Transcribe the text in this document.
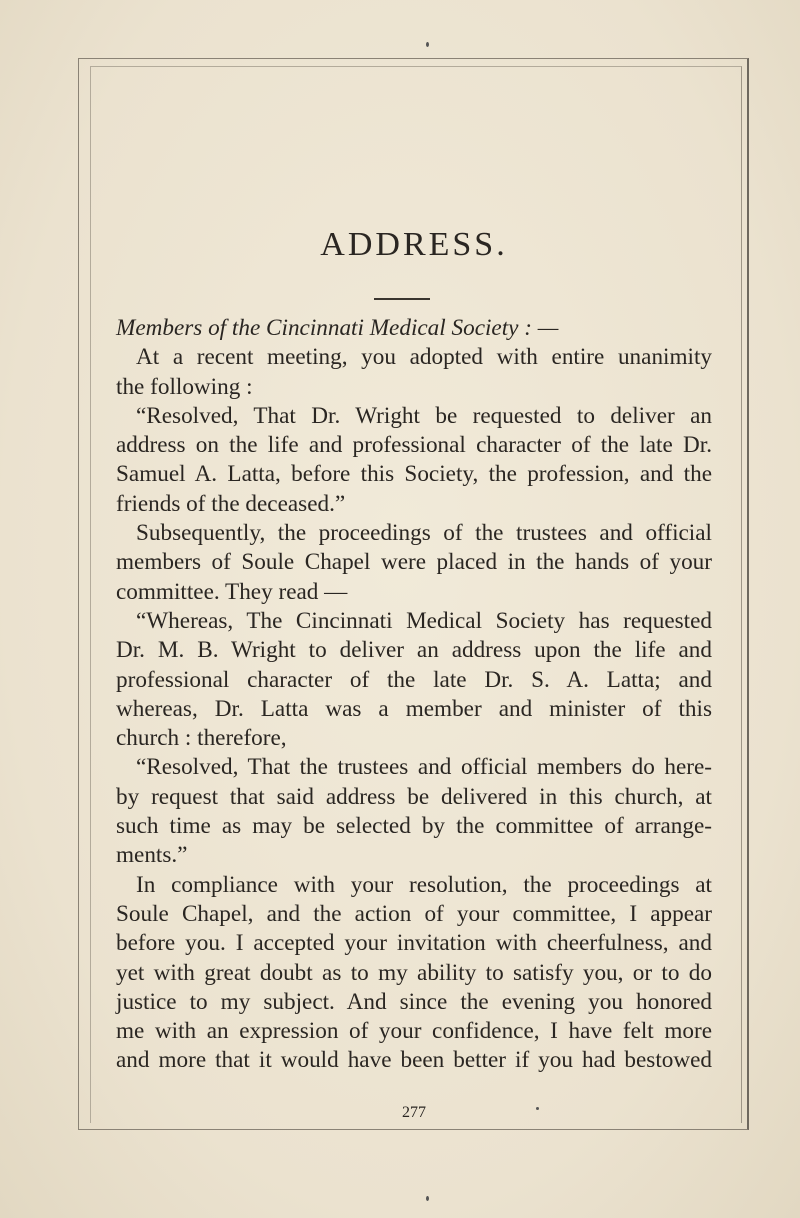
ADDRESS.
Members of the Cincinnati Medical Society : —
At a recent meeting, you adopted with entire unanimity
the following :
“Resolved, That Dr. Wright be requested to deliver an
address on the life and professional character of the late Dr.
Samuel A. Latta, before this Society, the profession, and the
friends of the deceased.”
Subsequently, the proceedings of the trustees and official
members of Soule Chapel were placed in the hands of your
committee. They read —
“Whereas, The Cincinnati Medical Society has requested
Dr. M. B. Wright to deliver an address upon the life and
professional character of the late Dr. S. A. Latta; and
whereas, Dr. Latta was a member and minister of this
church : therefore,
“Resolved, That the trustees and official members do here-
by request that said address be delivered in this church, at
such time as may be selected by the committee of arrange-
ments.”
In compliance with your resolution, the proceedings at
Soule Chapel, and the action of your committee, I appear
before you. I accepted your invitation with cheerfulness, and
yet with great doubt as to my ability to satisfy you, or to do
justice to my subject. And since the evening you honored
me with an expression of your confidence, I have felt more
and more that it would have been better if you had bestowed
277
